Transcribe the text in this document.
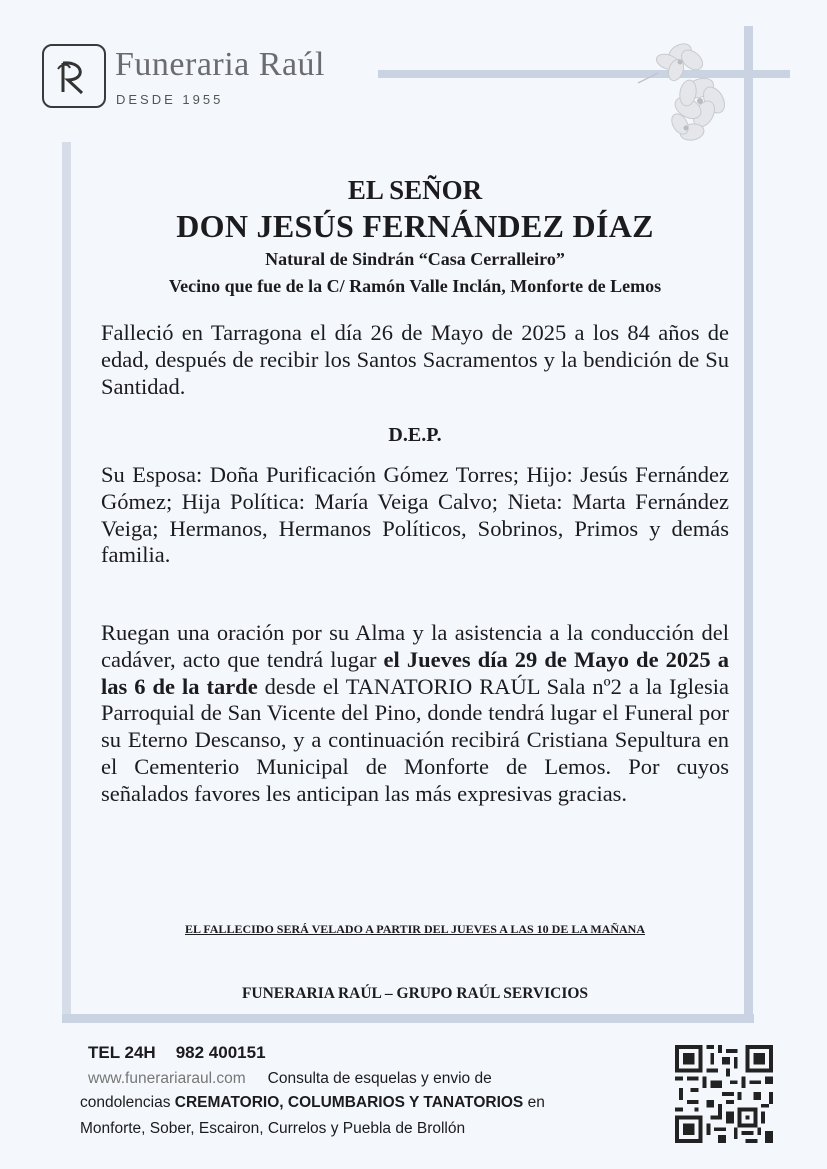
Funeraria Raúl
DESDE 1955
EL SEÑOR
DON JESÚS FERNÁNDEZ DÍAZ
Natural de Sindrán “Casa Cerralleiro”
Vecino que fue de la C/ Ramón Valle Inclán, Monforte de Lemos
Falleció en Tarragona el día 26 de Mayo de 2025 a los 84 años de edad, después de recibir los Santos Sacramentos y la bendición de Su Santidad.
D.E.P.
Su Esposa: Doña Purificación Gómez Torres; Hijo: Jesús Fernández Gómez; Hija Política: María Veiga Calvo; Nieta: Marta Fernández Veiga; Hermanos, Hermanos Políticos, Sobrinos, Primos y demás familia.
Ruegan una oración por su Alma y la asistencia a la conducción del cadáver, acto que tendrá lugar el Jueves día 29 de Mayo de 2025 a las 6 de la tarde desde el TANATORIO RAÚL Sala nº2 a la Iglesia Parroquial de San Vicente del Pino, donde tendrá lugar el Funeral por su Eterno Descanso, y a continuación recibirá Cristiana Sepultura en el Cementerio Municipal de Monforte de Lemos. Por cuyos señalados favores les anticipan las más expresivas gracias.
EL FALLECIDO SERÁ VELADO A PARTIR DEL JUEVES A LAS 10 DE LA MAÑANA
FUNERARIA RAÚL – GRUPO RAÚL SERVICIOS
TEL 24H 982 400151
www.funerariaraul.com Consulta de esquelas y envio de
condolencias CREMATORIO, COLUMBARIOS Y TANATORIOS en
Monforte, Sober, Escairon, Currelos y Puebla de Brollón
